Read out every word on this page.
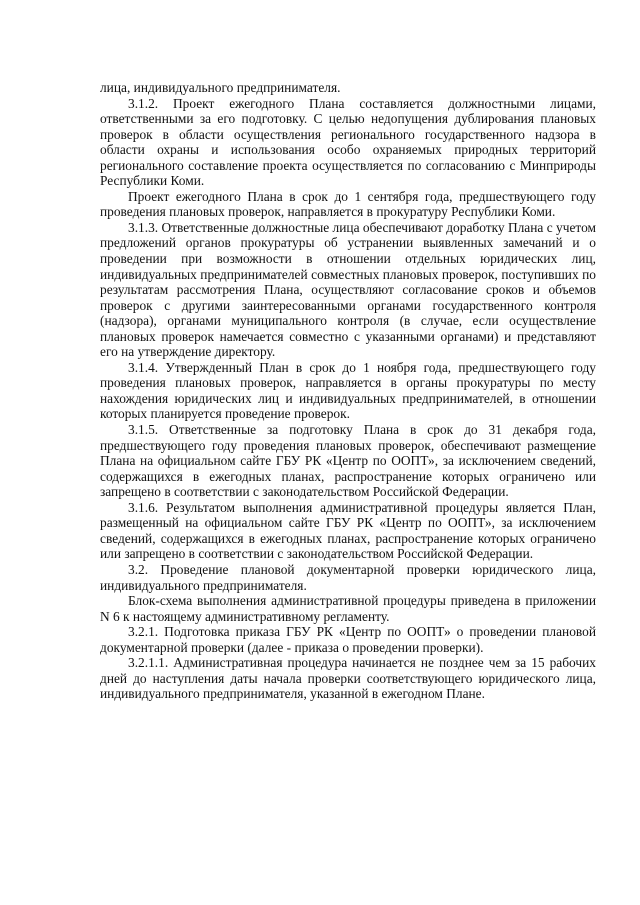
лица, индивидуального предпринимателя.

3.1.2. Проект ежегодного Плана составляется должностными лицами, ответственными за его подготовку. С целью недопущения дублирования плановых проверок в области осуществления регионального государственного надзора в области охраны и использования особо охраняемых природных территорий регионального составление проекта осуществляется по согласованию с Минприроды Республики Коми.

Проект ежегодного Плана в срок до 1 сентября года, предшествующего году проведения плановых проверок, направляется в прокуратуру Республики Коми.

3.1.3. Ответственные должностные лица обеспечивают доработку Плана с учетом предложений органов прокуратуры об устранении выявленных замечаний и о проведении при возможности в отношении отдельных юридических лиц, индивидуальных предпринимателей совместных плановых проверок, поступивших по результатам рассмотрения Плана, осуществляют согласование сроков и объемов проверок с другими заинтересованными органами государственного контроля (надзора), органами муниципального контроля (в случае, если осуществление плановых проверок намечается совместно с указанными органами) и представляют его на утверждение директору.

3.1.4. Утвержденный План в срок до 1 ноября года, предшествующего году проведения плановых проверок, направляется в органы прокуратуры по месту нахождения юридических лиц и индивидуальных предпринимателей, в отношении которых планируется проведение проверок.

3.1.5. Ответственные за подготовку Плана в срок до 31 декабря года, предшествующего году проведения плановых проверок, обеспечивают размещение Плана на официальном сайте ГБУ РК «Центр по ООПТ», за исключением сведений, содержащихся в ежегодных планах, распространение которых ограничено или запрещено в соответствии с законодательством Российской Федерации.

3.1.6. Результатом выполнения административной процедуры является План, размещенный на официальном сайте ГБУ РК «Центр по ООПТ», за исключением сведений, содержащихся в ежегодных планах, распространение которых ограничено или запрещено в соответствии с законодательством Российской Федерации.

3.2. Проведение плановой документарной проверки юридического лица, индивидуального предпринимателя.

Блок-схема выполнения административной процедуры приведена в приложении N 6 к настоящему административному регламенту.

3.2.1. Подготовка приказа ГБУ РК «Центр по ООПТ» о проведении плановой документарной проверки (далее - приказа о проведении проверки).

3.2.1.1. Административная процедура начинается не позднее чем за 15 рабочих дней до наступления даты начала проверки соответствующего юридического лица, индивидуального предпринимателя, указанной в ежегодном Плане.
